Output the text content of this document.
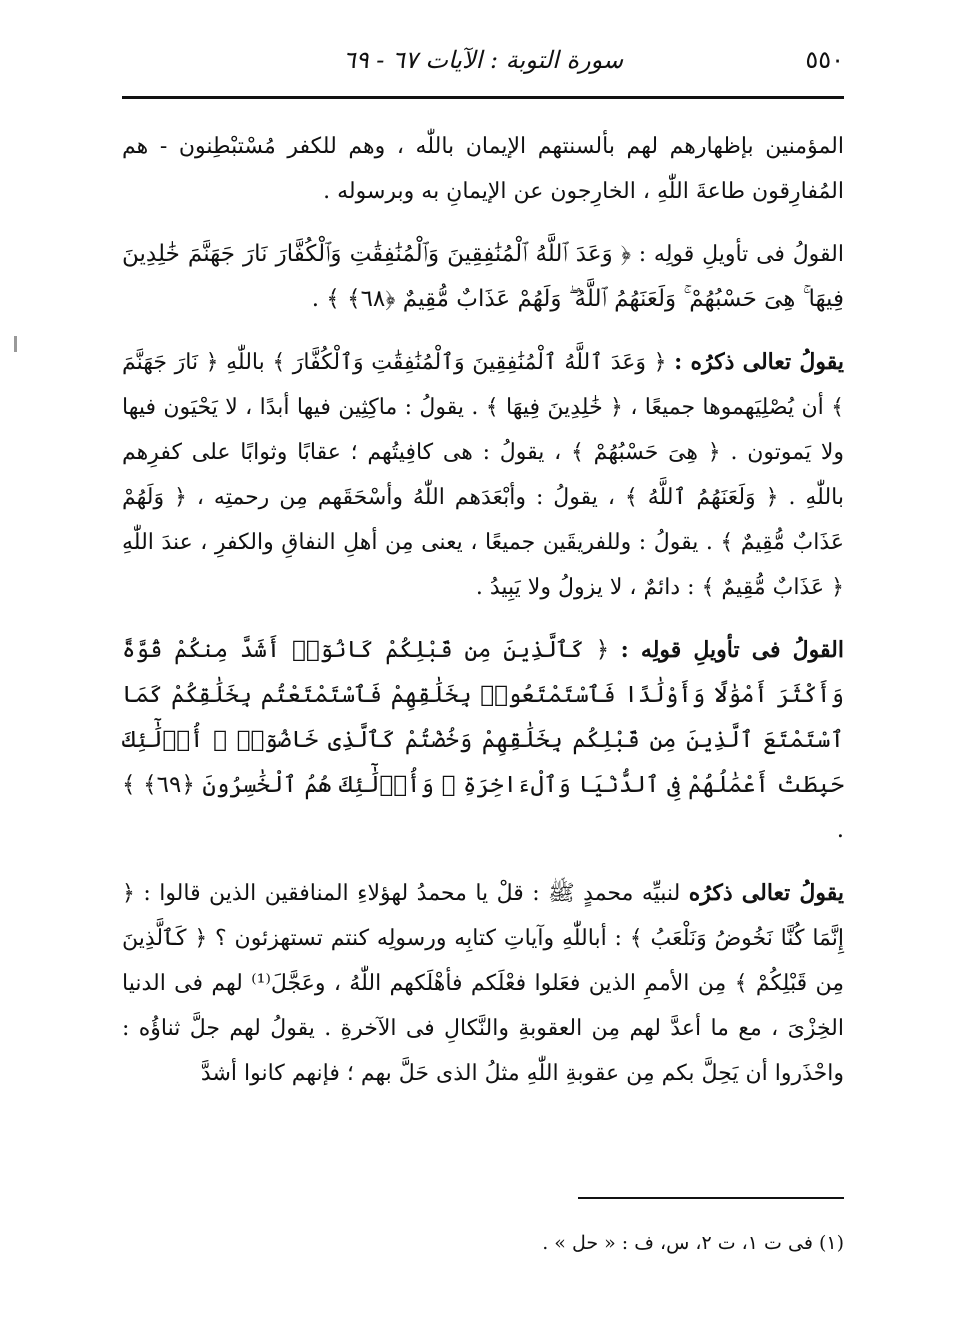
٥٥٠
سورة التوبة : الآيات ٦٧ - ٦٩

المؤمنين بإظهارهم لهم بألسنتهم الإيمان باللّٰه ، وهم للكفر مُسْتبْطِنون - هم المُفارِقون طاعةَ اللّٰهِ ، الخارِجون عن الإيمانِ به وبرسوله .

القولُ فى تأويلِ قولِه : ﴿ وَعَدَ ٱللَّهُ ٱلْمُنَٰفِقِينَ وَٱلْمُنَٰفِقَٰتِ وَٱلْكُفَّارَ نَارَ جَهَنَّمَ خَٰلِدِينَ فِيهَا ۚ هِىَ حَسْبُهُمْ ۚ وَلَعَنَهُمُ ٱللَّهُ ۖ وَلَهُمْ عَذَابٌ مُّقِيمٌ ﴿٦٨﴾ ﴾ .

يقولُ تعالى ذكرُه : ﴿ وَعَدَ ٱللَّهُ ٱلْمُنَٰفِقِينَ وَٱلْمُنَٰفِقَٰتِ وَٱلْكُفَّارَ ﴾ باللّٰهِ ﴿ نَارَ جَهَنَّمَ ﴾ أن يُصْلِيَهموها جميعًا ، ﴿ خَٰلِدِينَ فِيهَا ﴾ . يقولُ : ماكِثِين فيها أبدًا ، لا يَحْيَون فيها ولا يَموتون . ﴿ هِىَ حَسْبُهُمْ ﴾ ، يقولُ : هى كافِيتُهم ؛ عقابًا وثوابًا على كفرِهم باللّٰهِ . ﴿ وَلَعَنَهُمُ ٱللَّهُ ﴾ ، يقولُ : وأبْعَدَهم اللّٰهُ وأسْحَقَهم مِن رحمتِه ، ﴿ وَلَهُمْ عَذَابٌ مُّقِيمٌ ﴾ . يقولُ : وللفريقَين جميعًا ، يعنى مِن أهلِ النفاقِ والكفرِ ، عندَ اللّٰهِ ﴿ عَذَابٌ مُّقِيمٌ ﴾ : دائمٌ ، لا يزولُ ولا يَبِيدُ .

القولُ فى تأويلِ قولِه : ﴿ كَٱلَّذِينَ مِن قَبْلِكُمْ كَانُوٓا۟ أَشَدَّ مِنكُمْ قُوَّةً وَأَكْثَرَ أَمْوَٰلًا وَأَوْلَٰدًا فَٱسْتَمْتَعُوا۟ بِخَلَٰقِهِمْ فَٱسْتَمْتَعْتُم بِخَلَٰقِكُمْ كَمَا ٱسْتَمْتَعَ ٱلَّذِينَ مِن قَبْلِكُم بِخَلَٰقِهِمْ وَخُضْتُمْ كَٱلَّذِى خَاضُوٓا۟ ۚ أُو۟لَٰٓئِكَ حَبِطَتْ أَعْمَٰلُهُمْ فِى ٱلدُّنْيَا وَٱلْءَاخِرَةِ ۖ وَأُو۟لَٰٓئِكَ هُمُ ٱلْخَٰسِرُونَ ﴿٦٩﴾ ﴾ .

يقولُ تعالى ذكرُه لنبيِّه محمدٍ ﷺ : قلْ يا محمدُ لهؤلاءِ المنافقين الذين قالوا : ﴿ إِنَّمَا كُنَّا نَخُوضُ وَنَلْعَبُ ﴾ : أباللّٰهِ وآياتِ كتابِه ورسولِه كنتم تستهزئون ؟ ﴿ كَٱلَّذِينَ مِن قَبْلِكُمْ ﴾ مِن الأممِ الذين فعَلوا فعْلَكم فأهْلَكهم اللّٰهُ ، وعَجَّلَ⁽¹⁾ لهم فى الدنيا الخِزْىَ ، مع ما أعدَّ لهم مِن العقوبةِ والنَّكالِ فى الآخرةِ . يقولُ لهم جلَّ ثناؤُه : واحْذَروا أن يَحِلَّ بكم مِن عقوبةِ اللّٰهِ مثلُ الذى حَلَّ بهم ؛ فإنهم كانوا أشدَّ

(١) فى ت ١، ت ٢، س، ف : « حل » .
